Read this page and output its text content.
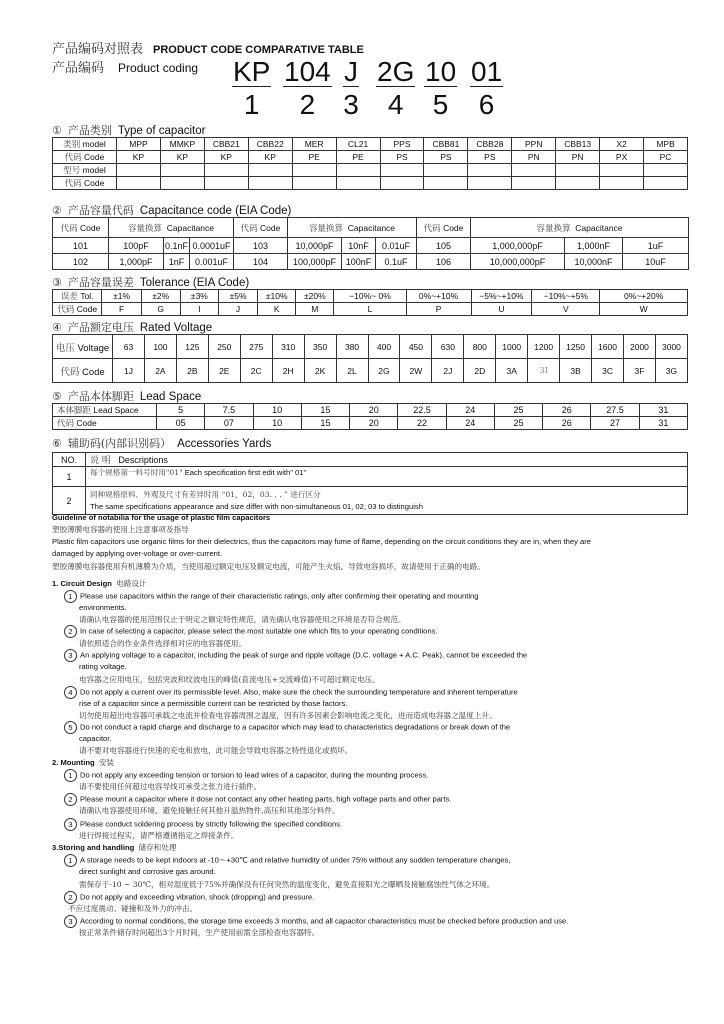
产品编码对照表 PRODUCT CODE COMPARATIVE TABLE
产品编码 Product coding KP
1
104
2
J
3
2G
4
10
5
01
6
① 产品类别 Type of capacitor
类别 model	MPP	MMKP	CBB21	CBB22	MER	CL21	PPS	CBB81	CBB28	PPN	CBB13	X2	MPB
代码 Code	KP	KP	KP	KP	PE	PE	PS	PS	PS	PN	PN	PX	PC
型号 model													
代码 Code													
② 产品容量代码 Capacitance code (EIA Code)
代码 Code	容量换算 Capacitance			代码 Code	容量换算 Capacitance			代码 Code	容量换算 Capacitance		
101	100pF	0.1nF	0.0001uF	103	10,000pF	10nF	0.01uF	105	1,000,000pF	1,000nF	1uF
102	1,000pF	1nF	0.001uF	104	100,000pF	100nF	0.1uF	106	10,000,000pF	10,000nF	10uF
③ 产品容量误差 Tolerance (EIA Code)
误差 Tol.	±1%	±2%	±3%	±5%	±10%	±20%	−10%~ 0%	0%~+10%	−5%~+10%	−10%~+5%	0%~+20%
代码 Code	F	G	I	J	K	M	L	P	U	V	W
④ 产品额定电压 Rated Voltage
电压 Voltage	63	100	125	250	275	310	350	380	400	450	630	800	1000	1200	1250	1600	2000	3000
代码 Code	1J	2A	2B	2E	2C	2H	2K	2L	2G	2W	2J	2D	3A	3I	3B	3C	3F	3G
⑤ 产品本体脚距 Lead Space
本体脚距 Lead Space	5	7.5	10	15	20	22.5	24	25	26	27.5	31
代码 Code	05	07	10	15	20	22	24	25	26	27	31
⑥ 辅助码(内部识别码） Accessories Yards
NO.	说 明 Descriptions
1	每个规格第一料号时用"01" Each specification first edit with" 01"
2	同种规格原料、外观及尺寸有差异时用 “01，02，03. . . ” 进行区分
The same specifications appearance and size differ with non-simultaneous 01, 02, 03 to distinguish
Guideline of notabilia for the usage of plastic film capacitors
塑胶薄膜电容器的使用上注意事项及指导
Plastic film capacitors use organic films for their dielectrics, thus the capacitors may fume of flame, depending on the circuit conditions they are in, when they are
damaged by applying over-voltage or over-current.
塑胶薄膜电容器使用有机薄膜为介质，当使用超过额定电压及额定电流，可能产生火焰，导致电容损坏，故请使用于正确的电路。
1. Circuit Design 电路设计
1 Please use capacitors within the range of their characteristic ratings, only after confirming their operating and mounting
environments.
请确认电容器的使用范围仅止于明定之额定特性规范，请先确认电容器使用之环境是否符合规范。
2 In case of selecting a capacitor, please select the most suitable one which fits to your operating conditions.
请依照适合的作业条件选择相对应的电容器使用。
3 An applying voltage to a capacitor, including the peak of surge and ripple voltage (D.C. voltage + A.C. Peak), cannot be exceeded the
rating voltage.
电容器之应用电压，包括突波和纹波电压的峰值(直流电压+交流峰值)不可超过额定电压。
4 Do not apply a current over its permissible level. Also, make sure the check the surrounding temperature and inherent temperature
rise of a capacitor since a permissible current can be restricted by those factors.
切勿使用超出电容器可承载之电流并检查电容器周围之温度，因有许多因素会影响电流之变化，进而造成电容器之温度上升。
5 Do not conduct a rapid charge and discharge to a capacitor which may lead to characteristics degradations or break down of the
capacitor.
请不要对电容器进行快速的充电和放电，此可能会导致电容器之特性退化或损坏。
2. Mounting 安装
1 Do not apply any exceeding tension or torsion to lead wires of a capacitor, during the mounting process.
请不要使用任何超过电容导线可承受之张力进行插件。
2 Please mount a capacitor where it dose not contact any other heating parts, high voltage parts and other parts.
请确认电容器使用环境，避免接触任何其他升温热物件,高压和其他部分料件。
3 Please conduct soldering process by strictly following the specified conditions.
进行焊接过程实，请严格遵循指定之焊接条件。
3.Storing and handling 储存和处理
1 A storage needs to be kept indoors at -10～+30℃ and relative humidity of under 75% without any sudden temperature changes,
direct sunlight and corrosive gas around.
需保存于-10 ~ 30℃，相对湿度低于75%并确保没有任何突然的温度变化，避免直接阳光之曝晒及接触腐蚀性气体之环境。
2 Do not apply and exceeding vibration, shock (dropping) and pressure.
不应过度震动、碰撞和及外力的冲击。
3 According to normal conditions, the storage time exceeds 3 months, and all capacitor characteristics must be checked before production and use.
按正常条件储存时间超出3个月时间，生产使用前需全部检查电容器特。
